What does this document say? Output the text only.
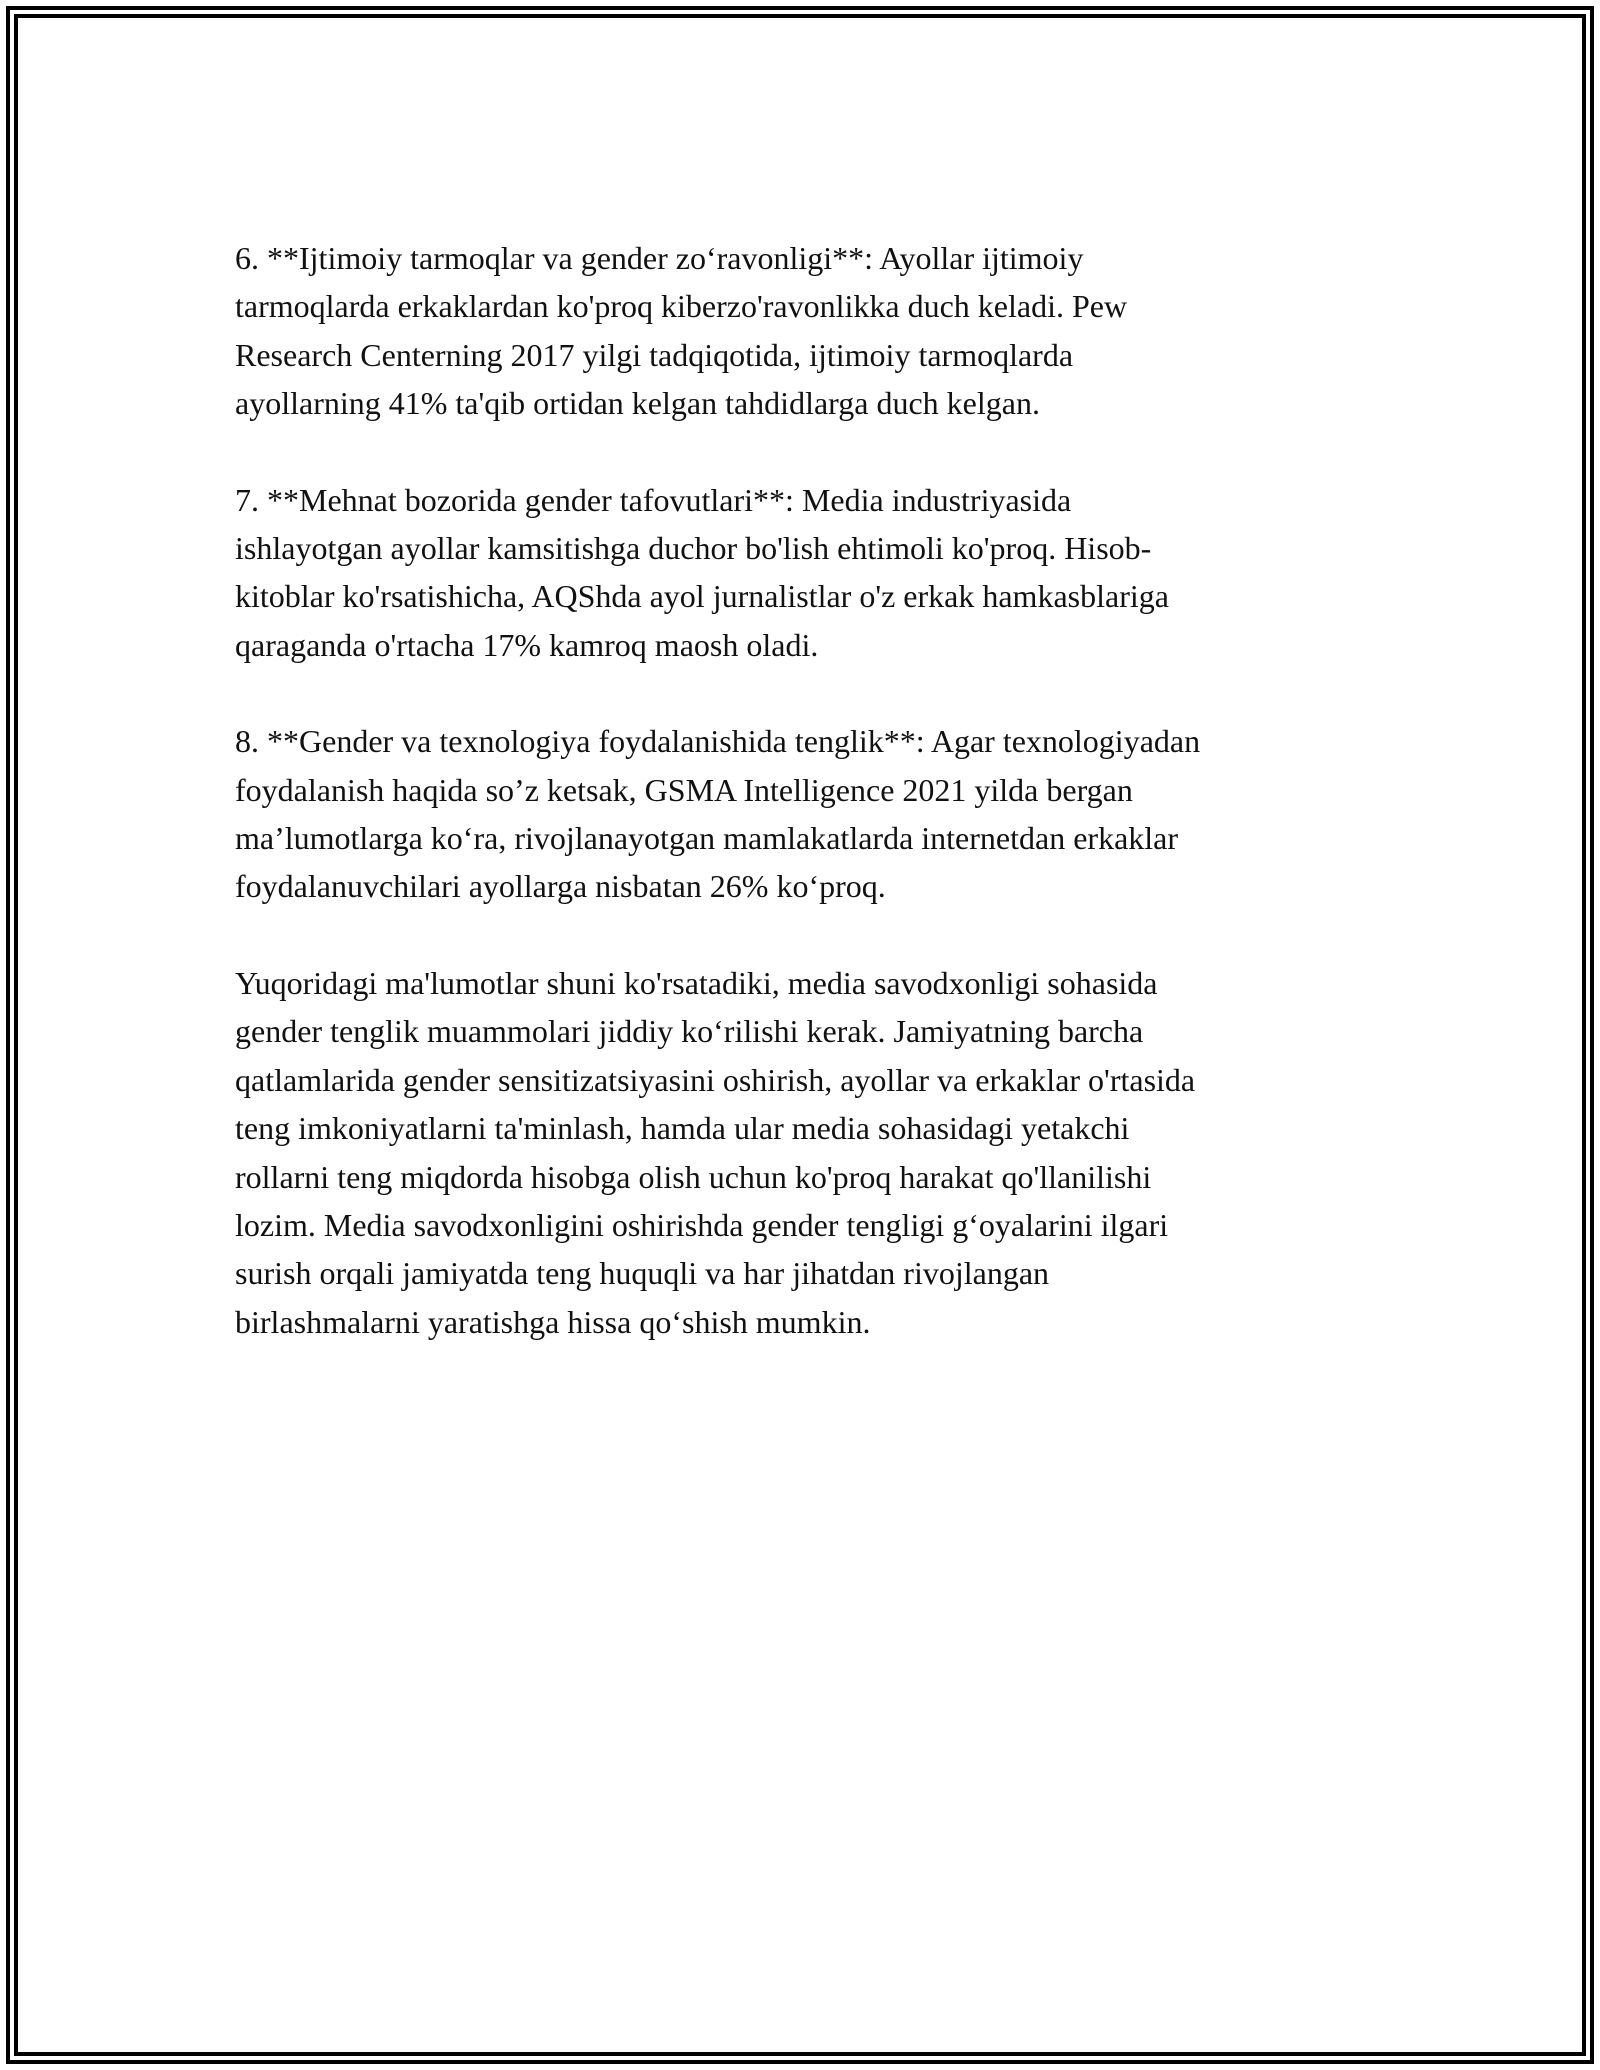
6. **Ijtimoiy tarmoqlar va gender zo‘ravonligi**: Ayollar ijtimoiy
tarmoqlarda erkaklardan ko'proq kiberzo'ravonlikka duch keladi. Pew
Research Centerning 2017 yilgi tadqiqotida, ijtimoiy tarmoqlarda
ayollarning 41% ta'qib ortidan kelgan tahdidlarga duch kelgan.

7. **Mehnat bozorida gender tafovutlari**: Media industriyasida
ishlayotgan ayollar kamsitishga duchor bo'lish ehtimoli ko'proq. Hisob-
kitoblar ko'rsatishicha, AQShda ayol jurnalistlar o'z erkak hamkasblariga
qaraganda o'rtacha 17% kamroq maosh oladi.

8. **Gender va texnologiya foydalanishida tenglik**: Agar texnologiyadan
foydalanish haqida so’z ketsak, GSMA Intelligence 2021 yilda bergan
ma’lumotlarga ko‘ra, rivojlanayotgan mamlakatlarda internetdan erkaklar
foydalanuvchilari ayollarga nisbatan 26% ko‘proq.

Yuqoridagi ma'lumotlar shuni ko'rsatadiki, media savodxonligi sohasida
gender tenglik muammolari jiddiy ko‘rilishi kerak. Jamiyatning barcha
qatlamlarida gender sensitizatsiyasini oshirish, ayollar va erkaklar o'rtasida
teng imkoniyatlarni ta'minlash, hamda ular media sohasidagi yetakchi
rollarni teng miqdorda hisobga olish uchun ko'proq harakat qo'llanilishi
lozim. Media savodxonligini oshirishda gender tengligi g‘oyalarini ilgari
surish orqali jamiyatda teng huquqli va har jihatdan rivojlangan
birlashmalarni yaratishga hissa qo‘shish mumkin.
